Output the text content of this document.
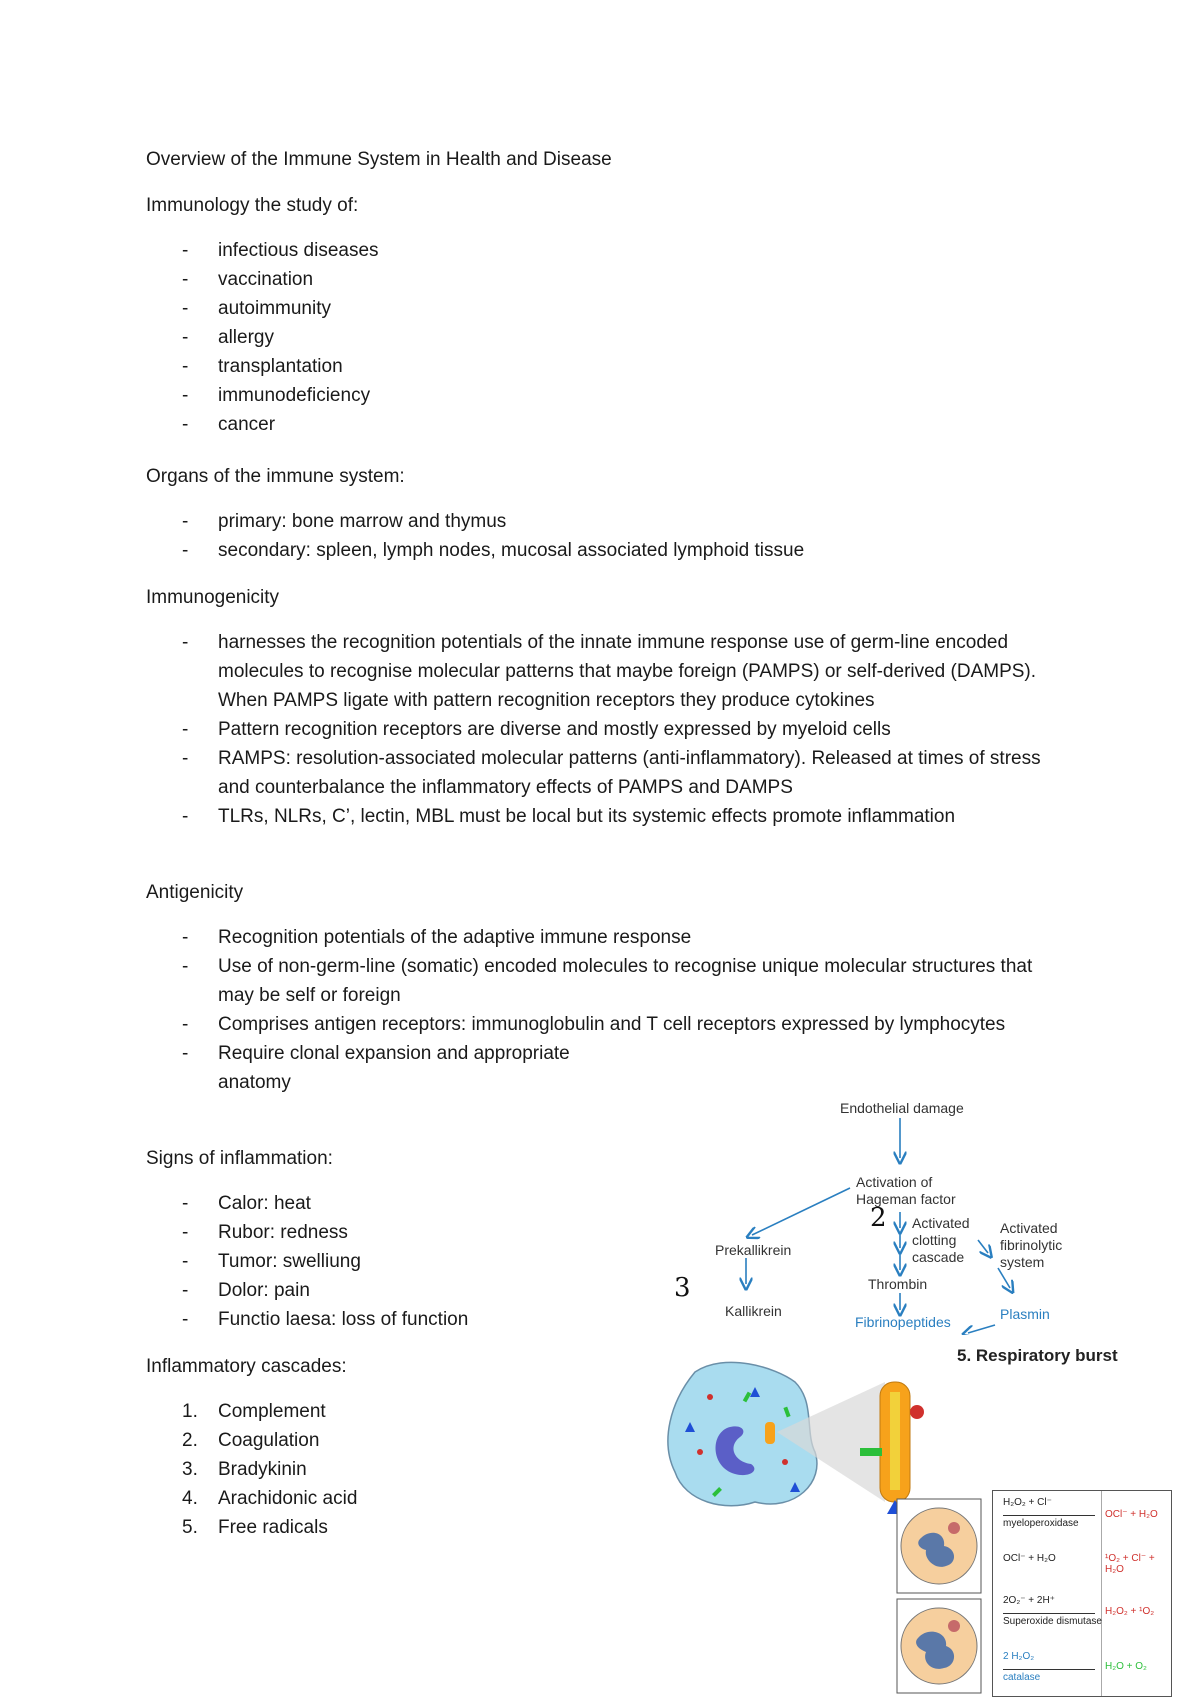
Overview of the Immune System in Health and Disease

Immunology the study of:

- infectious diseases
- vaccination
- autoimmunity
- allergy
- transplantation
- immunodeficiency
- cancer

Organs of the immune system:

- primary: bone marrow and thymus
- secondary: spleen, lymph nodes, mucosal associated lymphoid tissue

Immunogenicity

- harnesses the recognition potentials of the innate immune response use of germ-line encoded molecules to recognise molecular patterns that maybe foreign (PAMPS) or self-derived (DAMPS). When PAMPS ligate with pattern recognition receptors they produce cytokines
- Pattern recognition receptors are diverse and mostly expressed by myeloid cells
- RAMPS: resolution-associated molecular patterns (anti-inflammatory). Released at times of stress and counterbalance the inflammatory effects of PAMPS and DAMPS
- TLRs, NLRs, C’, lectin, MBL must be local but its systemic effects promote inflammation

Antigenicity

- Recognition potentials of the adaptive immune response
- Use of non-germ-line (somatic) encoded molecules to recognise unique molecular structures that may be self or foreign
- Comprises antigen receptors: immunoglobulin and T cell receptors expressed by lymphocytes
- Require clonal expansion and appropriate anatomy

Signs of inflammation:

- Calor: heat
- Rubor: redness
- Tumor: swelliung
- Dolor: pain
- Functio laesa: loss of function

Inflammatory cascades:

1. Complement
2. Coagulation
3. Bradykinin
4. Arachidonic acid
5. Free radicals
Endothelial damage
Activation of
Hageman factor
2 Activated
clotting
cascade
Activated
fibrinolytic
system
Prekallikrein
3
Kallikrein
Thrombin
Fibrinopeptides	Plasmin
5. Respiratory burst
H₂O₂ + Cl⁻
myeloperoxidase
OCl⁻ + H₂O
OCl⁻ + H₂O	¹O₂ + Cl⁻ + H₂O
2O₂⁻ + 2H⁺
Superoxide dismutase
H₂O₂ + ¹O₂
2 H₂O₂
catalase
H₂O + O₂
